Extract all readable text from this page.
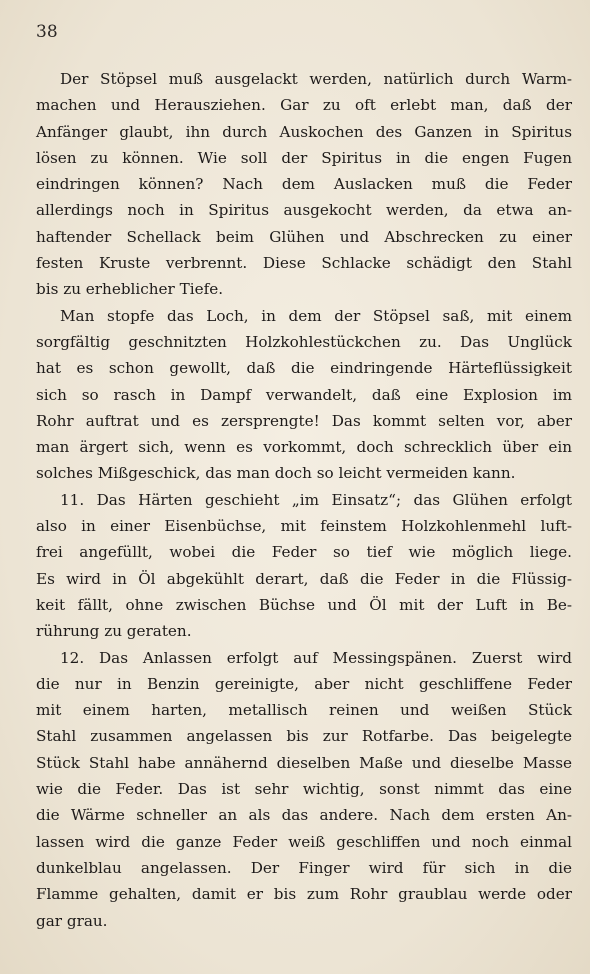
38
Der Stöpsel muß ausgelackt werden, natürlich durch Warm-
machen und Herausziehen. Gar zu oft erlebt man, daß der
Anfänger glaubt, ihn durch Auskochen des Ganzen in Spiritus
lösen zu können. Wie soll der Spiritus in die engen Fugen
eindringen können? Nach dem Auslacken muß die Feder
allerdings noch in Spiritus ausgekocht werden, da etwa an-
haftender Schellack beim Glühen und Abschrecken zu einer
festen Kruste verbrennt. Diese Schlacke schädigt den Stahl
bis zu erheblicher Tiefe.
Man stopfe das Loch, in dem der Stöpsel saß, mit einem
sorgfältig geschnitzten Holzkohlestückchen zu. Das Unglück
hat es schon gewollt, daß die eindringende Härteflüssigkeit
sich so rasch in Dampf verwandelt, daß eine Explosion im
Rohr auftrat und es zersprengte! Das kommt selten vor, aber
man ärgert sich, wenn es vorkommt, doch schrecklich über ein
solches Mißgeschick, das man doch so leicht vermeiden kann.
11. Das Härten geschieht „im Einsatz“; das Glühen erfolgt
also in einer Eisenbüchse, mit feinstem Holzkohlenmehl luft-
frei angefüllt, wobei die Feder so tief wie möglich liege.
Es wird in Öl abgekühlt derart, daß die Feder in die Flüssig-
keit fällt, ohne zwischen Büchse und Öl mit der Luft in Be-
rührung zu geraten.
12. Das Anlassen erfolgt auf Messingspänen. Zuerst wird
die nur in Benzin gereinigte, aber nicht geschliffene Feder
mit einem harten, metallisch reinen und weißen Stück
Stahl zusammen angelassen bis zur Rotfarbe. Das beigelegte
Stück Stahl habe annähernd dieselben Maße und dieselbe Masse
wie die Feder. Das ist sehr wichtig, sonst nimmt das eine
die Wärme schneller an als das andere. Nach dem ersten An-
lassen wird die ganze Feder weiß geschliffen und noch einmal
dunkelblau angelassen. Der Finger wird für sich in die
Flamme gehalten, damit er bis zum Rohr graublau werde oder
gar grau.
